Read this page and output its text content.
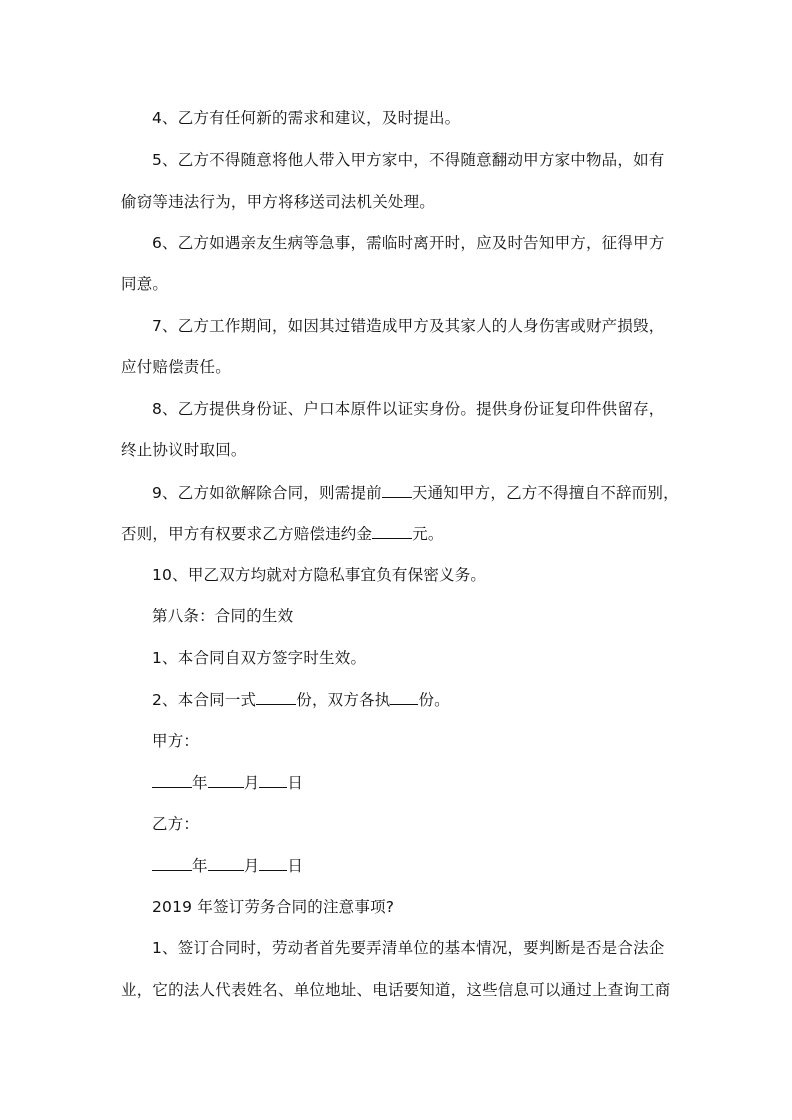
4、乙方有任何新的需求和建议，及时提出。
5、乙方不得随意将他人带入甲方家中，不得随意翻动甲方家中物品，如有
偷窃等违法行为，甲方将移送司法机关处理。
6、乙方如遇亲友生病等急事，需临时离开时，应及时告知甲方，征得甲方
同意。
7、乙方工作期间，如因其过错造成甲方及其家人的人身伤害或财产损毁，
应付赔偿责任。
8、乙方提供身份证、户口本原件以证实身份。提供身份证复印件供留存，
终止协议时取回。
9、乙方如欲解除合同，则需提前 天通知甲方，乙方不得擅自不辞而别，
否则，甲方有权要求乙方赔偿违约金	元。
10、甲乙双方均就对方隐私事宜负有保密义务。
第八条：合同的生效
1、本合同自双方签字时生效。
2、本合同一式	份，双方各执 份。
甲方：
年 月 日
乙方：
年 月 日
2019 年签订劳务合同的注意事项?
1、签订合同时，劳动者首先要弄清单位的基本情况，要判断是否是合法企
业，它的法人代表姓名、单位地址、电话要知道，这些信息可以通过上查询工商
